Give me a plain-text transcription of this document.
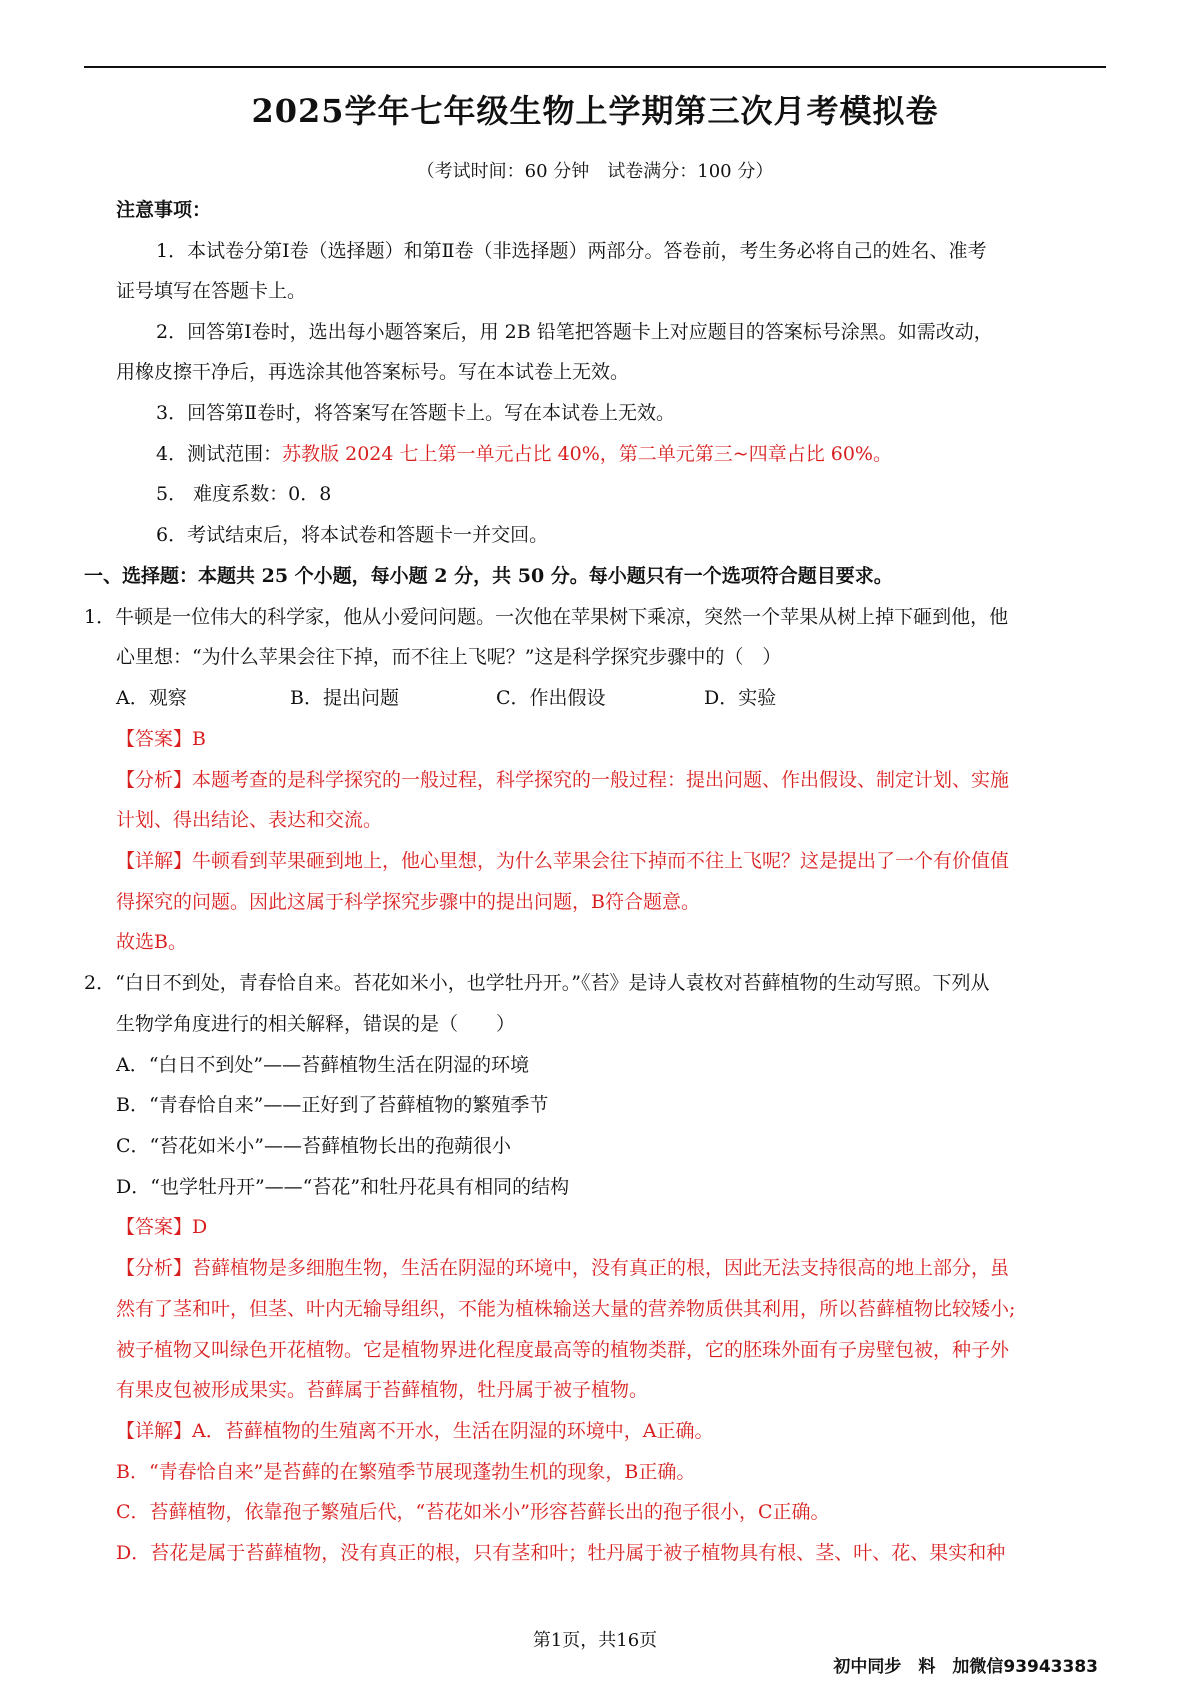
2025学年七年级生物上学期第三次月考模拟卷
（考试时间：60 分钟　试卷满分：100 分）
注意事项：
1．本试卷分第Ⅰ卷（选择题）和第Ⅱ卷（非选择题）两部分。答卷前，考生务必将自己的姓名、准考
证号填写在答题卡上。
2．回答第Ⅰ卷时，选出每小题答案后，用 2B 铅笔把答题卡上对应题目的答案标号涂黑。如需改动，
用橡皮擦干净后，再选涂其他答案标号。写在本试卷上无效。
3．回答第Ⅱ卷时，将答案写在答题卡上。写在本试卷上无效。
4．测试范围：苏教版 2024 七上第一单元占比 40%，第二单元第三~四章占比 60%。
5． 难度系数：0．8
6．考试结束后，将本试卷和答题卡一并交回。
一、选择题：本题共 25 个小题，每小题 2 分，共 50 分。每小题只有一个选项符合题目要求。
1．牛顿是一位伟大的科学家，他从小爱问问题。一次他在苹果树下乘凉，突然一个苹果从树上掉下砸到他，他
心里想：“为什么苹果会往下掉，而不往上飞呢？”这是科学探究步骤中的（　）
A．观察	B．提出问题	C．作出假设	D．实验
【答案】B
【分析】本题考查的是科学探究的一般过程，科学探究的一般过程：提出问题、作出假设、制定计划、实施
计划、得出结论、表达和交流。
【详解】牛顿看到苹果砸到地上，他心里想，为什么苹果会往下掉而不往上飞呢？这是提出了一个有价值值
得探究的问题。因此这属于科学探究步骤中的提出问题，B符合题意。
故选B。
2．“白日不到处，青春恰自来。苔花如米小，也学牡丹开。”《苔》是诗人袁枚对苔藓植物的生动写照。下列从
生物学角度进行的相关解释，错误的是（　　）
A．“白日不到处”——苔藓植物生活在阴湿的环境
B．“青春恰自来”——正好到了苔藓植物的繁殖季节
C．“苔花如米小”——苔藓植物长出的孢蒴很小
D．“也学牡丹开”——“苔花”和牡丹花具有相同的结构
【答案】D
【分析】苔藓植物是多细胞生物，生活在阴湿的环境中，没有真正的根，因此无法支持很高的地上部分，虽
然有了茎和叶，但茎、叶内无输导组织，不能为植株输送大量的营养物质供其利用，所以苔藓植物比较矮小;
被子植物又叫绿色开花植物。它是植物界进化程度最高等的植物类群，它的胚珠外面有子房壁包被，种子外
有果皮包被形成果实。苔藓属于苔藓植物，牡丹属于被子植物。
【详解】A．苔藓植物的生殖离不开水，生活在阴湿的环境中，A正确。
B．“青春恰自来”是苔藓的在繁殖季节展现蓬勃生机的现象，B正确。
C．苔藓植物，依靠孢子繁殖后代，“苔花如米小”形容苔藓长出的孢子很小，C正确。
D．苔花是属于苔藓植物，没有真正的根，只有茎和叶；牡丹属于被子植物具有根、茎、叶、花、果实和种
第1页，共16页
初中同步　料　加微信93943383
